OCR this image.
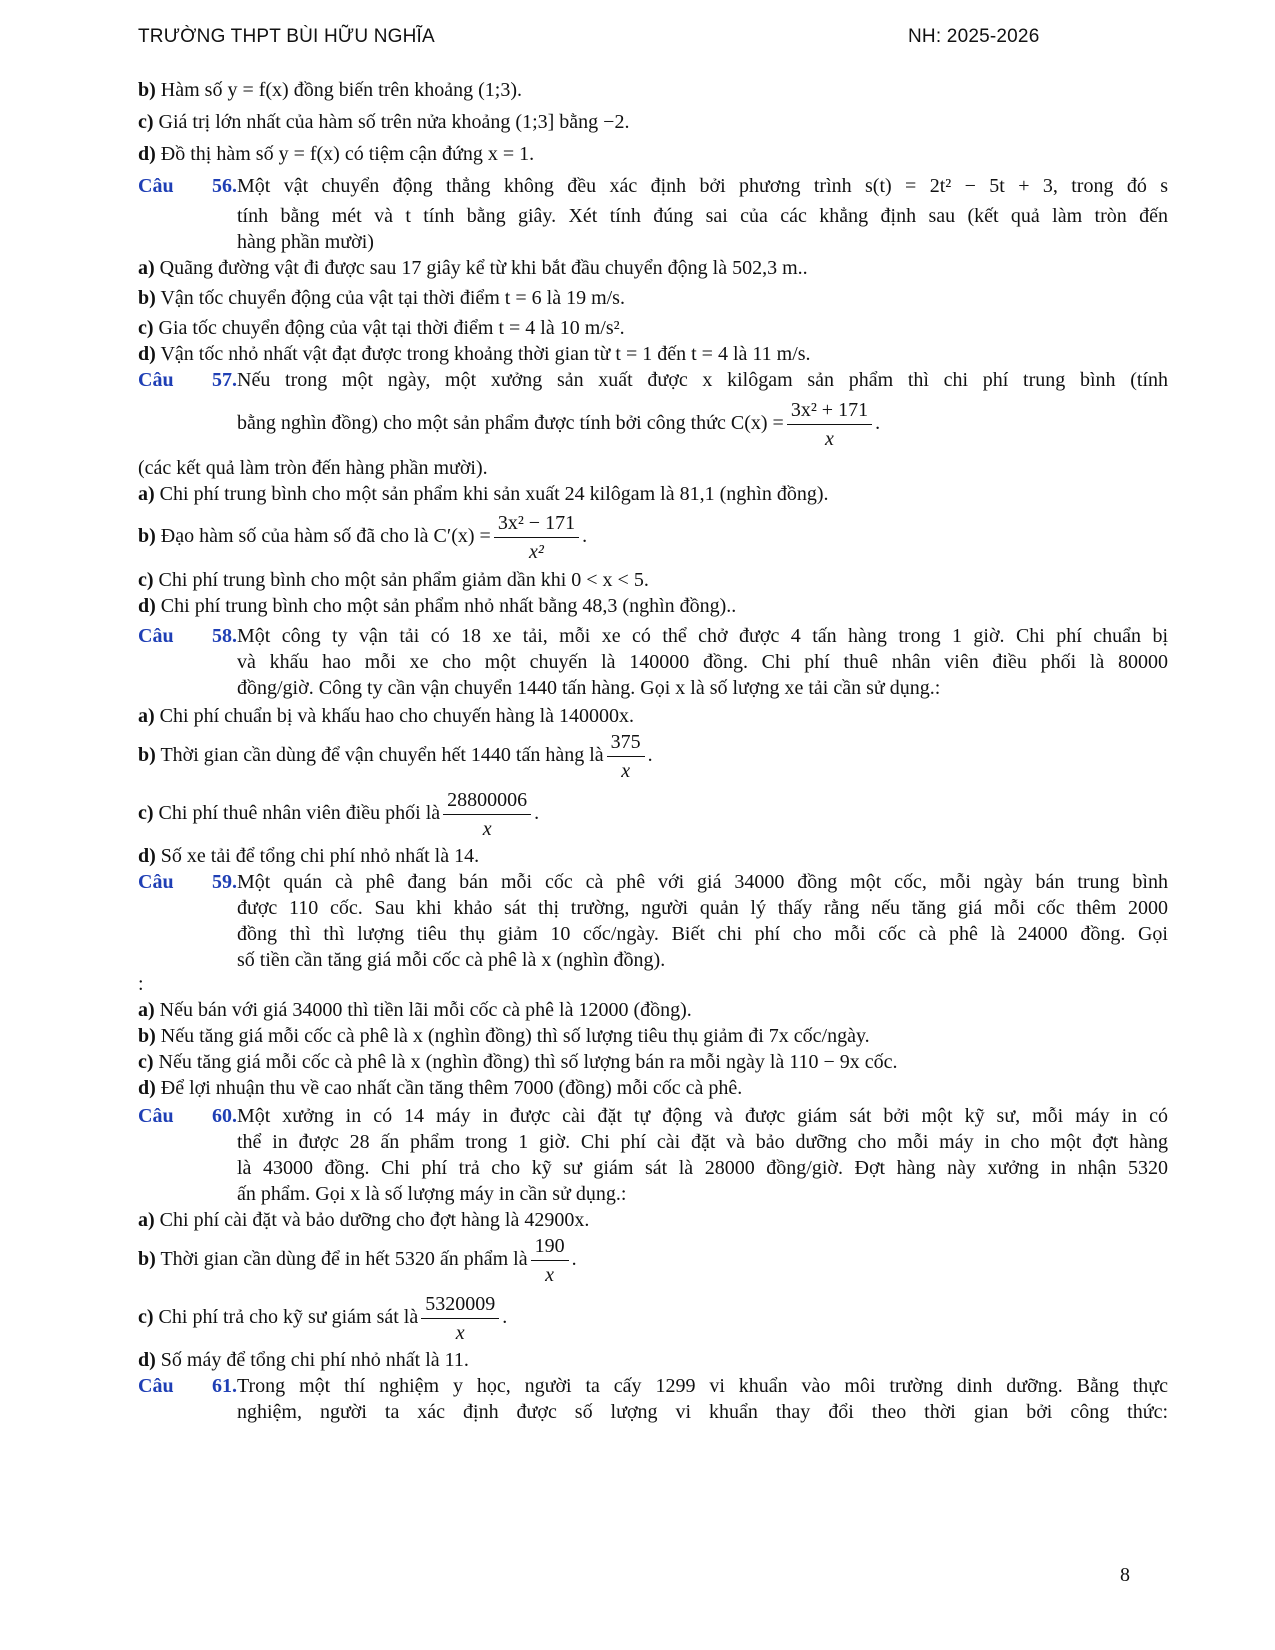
TRƯỜNG THPT BÙI HỮU NGHĨA	NH: 2025-2026
b) Hàm số y = f(x) đồng biến trên khoảng (1;3).
c) Giá trị lớn nhất của hàm số trên nửa khoảng (1;3] bằng −2.
d) Đồ thị hàm số y = f(x) có tiệm cận đứng x = 1.
Câu 56.Một vật chuyển động thẳng không đều xác định bởi phương trình s(t) = 2t² − 5t + 3, trong đó s
tính bằng mét và t tính bằng giây. Xét tính đúng sai của các khẳng định sau (kết quả làm tròn đến
hàng phần mười)
a) Quãng đường vật đi được sau 17 giây kể từ khi bắt đầu chuyển động là 502,3 m..
b) Vận tốc chuyển động của vật tại thời điểm t = 6 là 19 m/s.
c) Gia tốc chuyển động của vật tại thời điểm t = 4 là 10 m/s².
d) Vận tốc nhỏ nhất vật đạt được trong khoảng thời gian từ t = 1 đến t = 4 là 11 m/s.
Câu 57.Nếu trong một ngày, một xưởng sản xuất được x kilôgam sản phẩm thì chi phí trung bình (tính
bằng nghìn đồng) cho một sản phẩm được tính bởi công thức $C(x) = \frac{\text{3x² + 171}}{x}$ .
(các kết quả làm tròn đến hàng phần mười).
a) Chi phí trung bình cho một sản phẩm khi sản xuất 24 kilôgam là 81,1 (nghìn đồng).
b) Đạo hàm số của hàm số đã cho là $C'(x) = \frac{\text{3x² − 171}}{\text{x²}}$ .
c) Chi phí trung bình cho một sản phẩm giảm dần khi 0 < x < 5.
d) Chi phí trung bình cho một sản phẩm nhỏ nhất bằng 48,3 (nghìn đồng)..
Câu 58.Một công ty vận tải có 18 xe tải, mỗi xe có thể chở được 4 tấn hàng trong 1 giờ. Chi phí chuẩn bị
và khấu hao mỗi xe cho một chuyến là 140000 đồng. Chi phí thuê nhân viên điều phối là 80000
đồng/giờ. Công ty cần vận chuyển 1440 tấn hàng. Gọi x là số lượng xe tải cần sử dụng.:
a) Chi phí chuẩn bị và khấu hao cho chuyến hàng là 140000x.
b) Thời gian cần dùng để vận chuyển hết 1440 tấn hàng là $\frac{375}{x}$ .
c) Chi phí thuê nhân viên điều phối là $\frac{28800006}{x}$ .
d) Số xe tải để tổng chi phí nhỏ nhất là 14.
Câu 59.Một quán cà phê đang bán mỗi cốc cà phê với giá 34000 đồng một cốc, mỗi ngày bán trung bình
được 110 cốc. Sau khi khảo sát thị trường, người quản lý thấy rằng nếu tăng giá mỗi cốc thêm 2000
đồng thì thì lượng tiêu thụ giảm 10 cốc/ngày. Biết chi phí cho mỗi cốc cà phê là 24000 đồng. Gọi
số tiền cần tăng giá mỗi cốc cà phê là x (nghìn đồng).
:
a) Nếu bán với giá 34000 thì tiền lãi mỗi cốc cà phê là 12000 (đồng).
b) Nếu tăng giá mỗi cốc cà phê là x (nghìn đồng) thì số lượng tiêu thụ giảm đi 7x cốc/ngày.
c) Nếu tăng giá mỗi cốc cà phê là x (nghìn đồng) thì số lượng bán ra mỗi ngày là 110 − 9x cốc.
d) Để lợi nhuận thu về cao nhất cần tăng thêm 7000 (đồng) mỗi cốc cà phê.
Câu 60.Một xưởng in có 14 máy in được cài đặt tự động và được giám sát bởi một kỹ sư, mỗi máy in có
thể in được 28 ấn phẩm trong 1 giờ. Chi phí cài đặt và bảo dưỡng cho mỗi máy in cho một đợt hàng
là 43000 đồng. Chi phí trả cho kỹ sư giám sát là 28000 đồng/giờ. Đợt hàng này xưởng in nhận 5320
ấn phẩm. Gọi x là số lượng máy in cần sử dụng.:
a) Chi phí cài đặt và bảo dưỡng cho đợt hàng là 42900x.
b) Thời gian cần dùng để in hết 5320 ấn phẩm là $\frac{190}{x}$ .
c) Chi phí trả cho kỹ sư giám sát là $\frac{5320009}{x}$ .
d) Số máy để tổng chi phí nhỏ nhất là 11.
Câu 61.Trong một thí nghiệm y học, người ta cấy 1299 vi khuẩn vào môi trường dinh dưỡng. Bằng thực
nghiệm, người ta xác định được số lượng vi khuẩn thay đổi theo thời gian bởi công thức:
8
